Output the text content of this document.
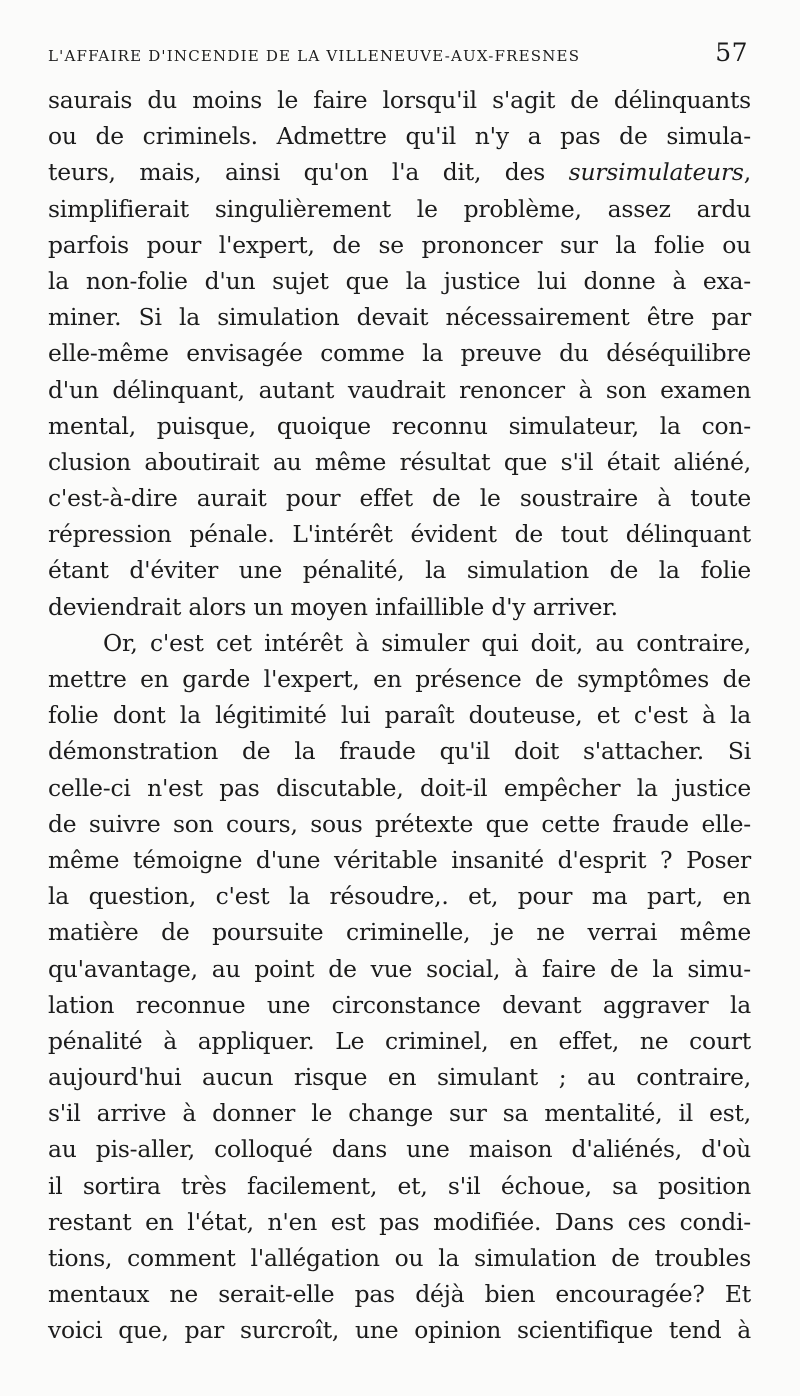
L'AFFAIRE D'INCENDIE DE LA VILLENEUVE-AUX-FRESNES	57
saurais du moins le faire lorsqu'il s'agit de délinquants
ou de criminels. Admettre qu'il n'y a pas de simula-
teurs, mais, ainsi qu'on l'a dit, des sursimulateurs,
simplifierait singulièrement le problème, assez ardu
parfois pour l'expert, de se prononcer sur la folie ou
la non-folie d'un sujet que la justice lui donne à exa-
miner. Si la simulation devait nécessairement être par
elle-même envisagée comme la preuve du déséquilibre
d'un délinquant, autant vaudrait renoncer à son examen
mental, puisque, quoique reconnu simulateur, la con-
clusion aboutirait au même résultat que s'il était aliéné,
c'est-à-dire aurait pour effet de le soustraire à toute
répression pénale. L'intérêt évident de tout délinquant
étant d'éviter une pénalité, la simulation de la folie
deviendrait alors un moyen infaillible d'y arriver.
Or, c'est cet intérêt à simuler qui doit, au contraire,
mettre en garde l'expert, en présence de symptômes de
folie dont la légitimité lui paraît douteuse, et c'est à la
démonstration de la fraude qu'il doit s'attacher. Si
celle-ci n'est pas discutable, doit-il empêcher la justice
de suivre son cours, sous prétexte que cette fraude elle-
même témoigne d'une véritable insanité d'esprit ? Poser
la question, c'est la résoudre,. et, pour ma part, en
matière de poursuite criminelle, je ne verrai même
qu'avantage, au point de vue social, à faire de la simu-
lation reconnue une circonstance devant aggraver la
pénalité à appliquer. Le criminel, en effet, ne court
aujourd'hui aucun risque en simulant ; au contraire,
s'il arrive à donner le change sur sa mentalité, il est,
au pis-aller, colloqué dans une maison d'aliénés, d'où
il sortira très facilement, et, s'il échoue, sa position
restant en l'état, n'en est pas modifiée. Dans ces condi-
tions, comment l'allégation ou la simulation de troubles
mentaux ne serait-elle pas déjà bien encouragée? Et
voici que, par surcroît, une opinion scientifique tend à
